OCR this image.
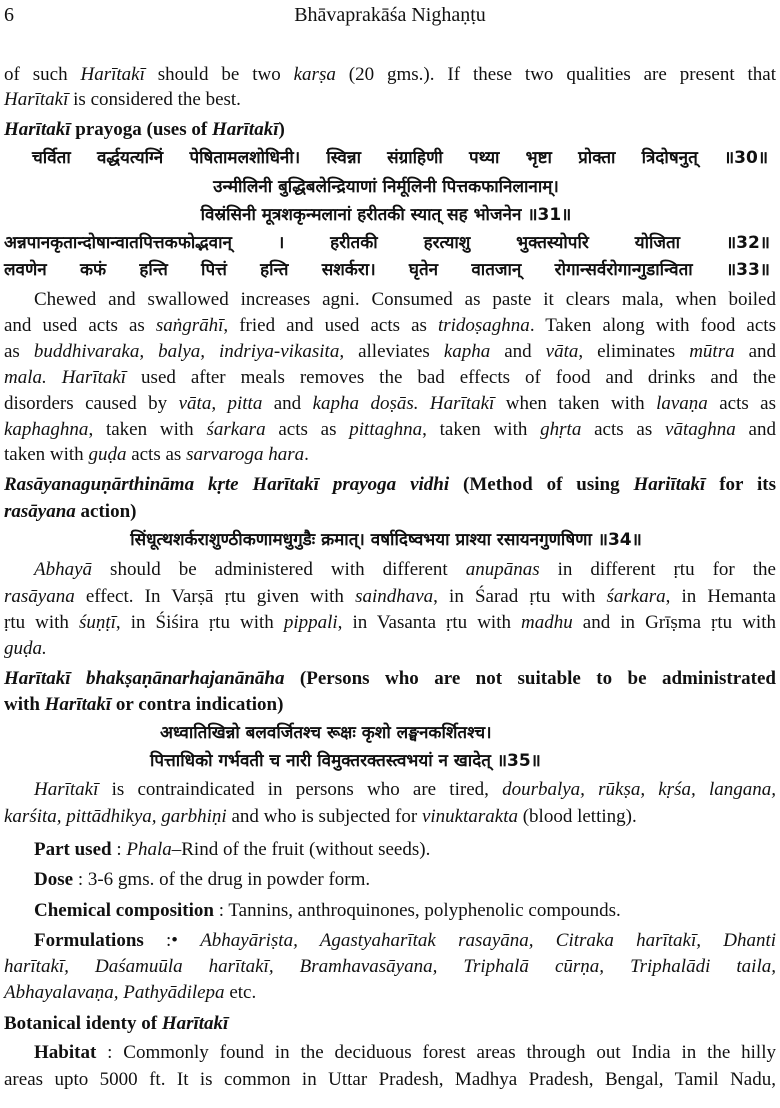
6	Bhāvaprakāśa Nighaṇṭu
of such Harītakī should be two karṣa (20 gms.). If these two qualities are present that
Harītakī is considered the best.
Harītakī prayoga (uses of Harītakī)
चर्विता वर्द्धयत्यग्निं पेषितामलशोधिनी। स्विन्ना संग्राहिणी पथ्या भृष्टा प्रोक्ता त्रिदोषनुत् ॥30॥
उन्मीलिनी बुद्धिबलेन्द्रियाणां निर्मूलिनी पित्तकफानिलानाम्।
विस्रंसिनी मूत्रशकृन्मलानां हरीतकी स्यात् सह भोजनेन ॥31॥
अन्नपानकृतान्दोषान्वातपित्तकफोद्भवान् । हरीतकी हरत्याशु भुक्तस्योपरि योजिता ॥32॥
लवणेन कफं हन्ति पित्तं हन्ति सशर्करा। घृतेन वातजान् रोगान्सर्वरोगान्गुडान्विता ॥33॥
Chewed and swallowed increases agni. Consumed as paste it clears mala, when boiled
and used acts as saṅgrāhī, fried and used acts as tridoṣaghna. Taken along with food acts
as buddhivaraka, balya, indriya-vikasita, alleviates kapha and vāta, eliminates mūtra and
mala. Harītakī used after meals removes the bad effects of food and drinks and the
disorders caused by vāta, pitta and kapha doṣās. Harītakī when taken with lavaṇa acts as
kaphaghna, taken with śarkara acts as pittaghna, taken with ghṛta acts as vātaghna and
taken with guḍa acts as sarvaroga hara.
Rasāyanaguṇārthināma kṛte Harītakī prayoga vidhi (Method of using Hariītakī for its
rasāyana action)
सिंधूत्थशर्कराशुण्ठीकणामधुगुडैः क्रमात्। वर्षादिष्वभया प्राश्या रसायनगुणषिणा ॥34॥
Abhayā should be administered with different anupānas in different ṛtu for the
rasāyana effect. In Varṣā ṛtu given with saindhava, in Śarad ṛtu with śarkara, in Hemanta
ṛtu with śuṇṭī, in Śiśira ṛtu with pippali, in Vasanta ṛtu with madhu and in Grīṣma ṛtu with
guḍa.
Harītakī bhakṣaṇānarhajanānāha (Persons who are not suitable to be administrated
with Harītakī or contra indication)
अध्वातिखिन्नो बलवर्जितश्च रूक्षः कृशो लङ्घनकर्शितश्च।
पित्ताधिको गर्भवती च नारी विमुक्तरक्तस्त्वभयां न खादेत् ॥35॥
Harītakī is contraindicated in persons who are tired, dourbalya, rūkṣa, kṛśa, langana,
karśita, pittādhikya, garbhiṇi and who is subjected for vinuktarakta (blood letting).
Part used : Phala–Rind of the fruit (without seeds).
Dose : 3-6 gms. of the drug in powder form.
Chemical composition : Tannins, anthroquinones, polyphenolic compounds.
Formulations :• Abhayāriṣta, Agastyaharītak rasayāna, Citraka harītakī, Dhanti
harītakī, Daśamuūla harītakī, Bramhavasāyana, Triphalā cūrṇa, Triphalādi taila,
Abhayalavaṇa, Pathyādilepa etc.
Botanical identy of Harītakī
Habitat : Commonly found in the deciduous forest areas through out India in the hilly
areas upto 5000 ft. It is common in Uttar Pradesh, Madhya Pradesh, Bengal, Tamil Nadu,
